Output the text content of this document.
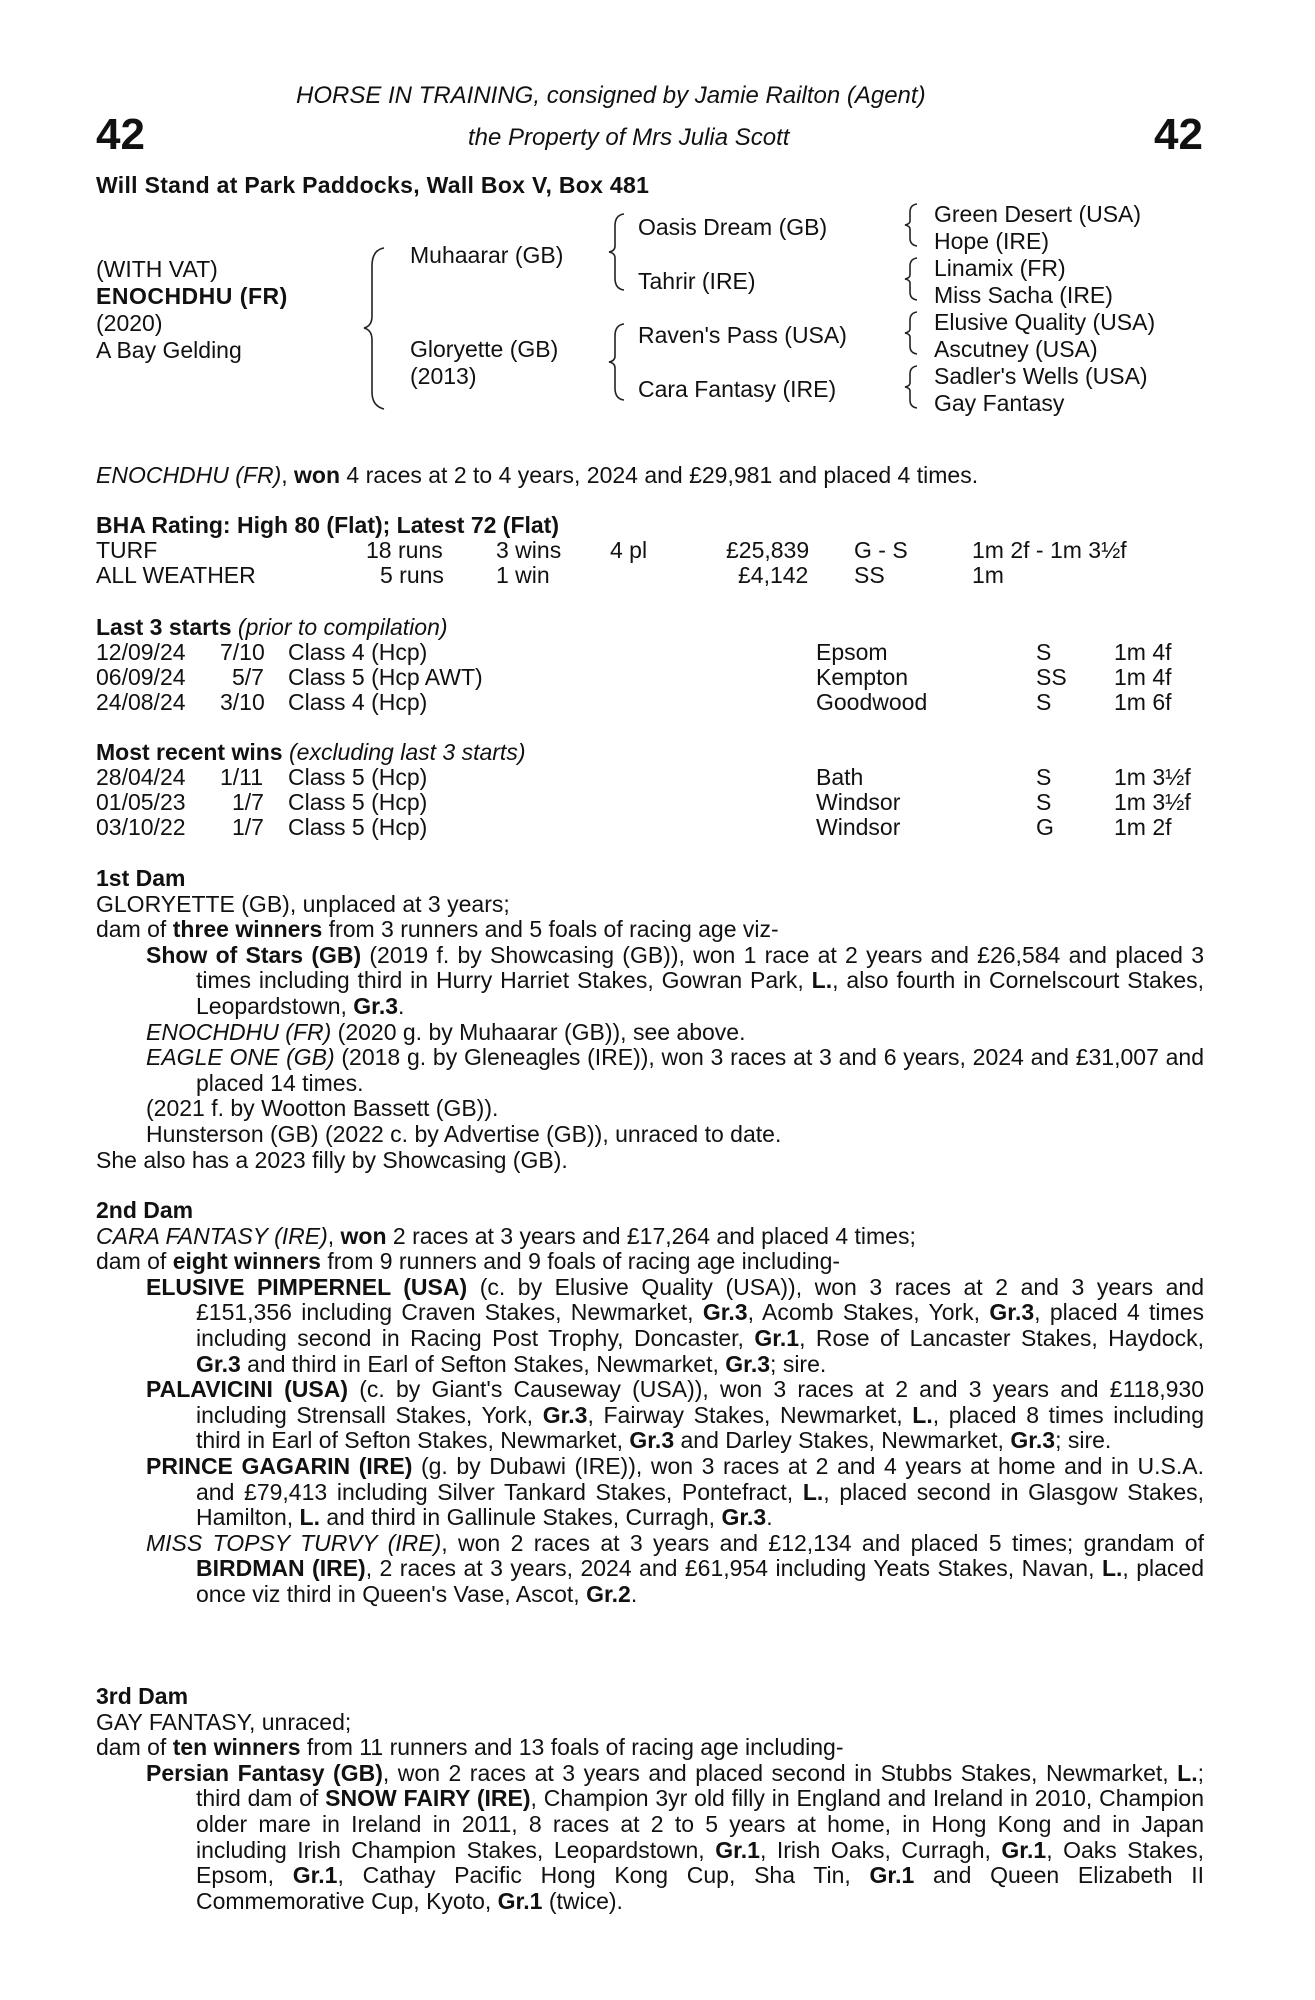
42	42
HORSE IN TRAINING, consigned by Jamie Railton (Agent)
the Property of Mrs Julia Scott
Will Stand at Park Paddocks, Wall Box V, Box 481
(WITH VAT)
ENOCHDHU (FR)
(2020)
A Bay Gelding
Muhaarar (GB)
Gloryette (GB)
(2013)
Oasis Dream (GB)
Tahrir (IRE)
Raven's Pass (USA)
Cara Fantasy (IRE)
Green Desert (USA)
Hope (IRE)
Linamix (FR)
Miss Sacha (IRE)
Elusive Quality (USA)
Ascutney (USA)
Sadler's Wells (USA)
Gay Fantasy
ENOCHDHU (FR), won 4 races at 2 to 4 years, 2024 and £29,981 and placed 4 times.
BHA Rating: High 80 (Flat); Latest 72 (Flat)
TURF	18 runs 3 wins 4 pl	£25,839 G - S	1m 2f - 1m 3½f
ALL WEATHER	5 runs 1 win	£4,142 SS	1m
Last 3 starts (prior to compilation)
12/09/24 7/10 Class 4 (Hcp)	Epsom	S	1m 4f
06/09/24 5/7 Class 5 (Hcp AWT)	Kempton	SS 1m 4f
24/08/24 3/10 Class 4 (Hcp)	Goodwood	S	1m 6f
Most recent wins (excluding last 3 starts)
28/04/24 1/11 Class 5 (Hcp)	Bath	S	1m 3½f
01/05/23 1/7 Class 5 (Hcp)	Windsor	S	1m 3½f
03/10/22 1/7 Class 5 (Hcp)	Windsor	G	1m 2f

1st Dam

GLORYETTE (GB), unplaced at 3 years;

dam of three winners from 3 runners and 5 foals of racing age viz-

Show of Stars (GB) (2019 f. by Showcasing (GB)), won 1 race at 2 years and £26,584 and placed 3 times including third in Hurry Harriet Stakes, Gowran Park, L., also fourth in Cornelscourt Stakes, Leopardstown, Gr.3.

ENOCHDHU (FR) (2020 g. by Muhaarar (GB)), see above.

EAGLE ONE (GB) (2018 g. by Gleneagles (IRE)), won 3 races at 3 and 6 years, 2024 and £31,007 and placed 14 times.

(2021 f. by Wootton Bassett (GB)).

Hunsterson (GB) (2022 c. by Advertise (GB)), unraced to date.

She also has a 2023 filly by Showcasing (GB).

2nd Dam

CARA FANTASY (IRE), won 2 races at 3 years and £17,264 and placed 4 times;

dam of eight winners from 9 runners and 9 foals of racing age including-

ELUSIVE PIMPERNEL (USA) (c. by Elusive Quality (USA)), won 3 races at 2 and 3 years and £151,356 including Craven Stakes, Newmarket, Gr.3, Acomb Stakes, York, Gr.3, placed 4 times including second in Racing Post Trophy, Doncaster, Gr.1, Rose of Lancaster Stakes, Haydock, Gr.3 and third in Earl of Sefton Stakes, Newmarket, Gr.3; sire.

PALAVICINI (USA) (c. by Giant's Causeway (USA)), won 3 races at 2 and 3 years and £118,930 including Strensall Stakes, York, Gr.3, Fairway Stakes, Newmarket, L., placed 8 times including third in Earl of Sefton Stakes, Newmarket, Gr.3 and Darley Stakes, Newmarket, Gr.3; sire.

PRINCE GAGARIN (IRE) (g. by Dubawi (IRE)), won 3 races at 2 and 4 years at home and in U.S.A. and £79,413 including Silver Tankard Stakes, Pontefract, L., placed second in Glasgow Stakes, Hamilton, L. and third in Gallinule Stakes, Curragh, Gr.3.

MISS TOPSY TURVY (IRE), won 2 races at 3 years and £12,134 and placed 5 times; grandam of BIRDMAN (IRE), 2 races at 3 years, 2024 and £61,954 including Yeats Stakes, Navan, L., placed once viz third in Queen's Vase, Ascot, Gr.2.

3rd Dam

GAY FANTASY, unraced;

dam of ten winners from 11 runners and 13 foals of racing age including-

Persian Fantasy (GB), won 2 races at 3 years and placed second in Stubbs Stakes, Newmarket, L.; third dam of SNOW FAIRY (IRE), Champion 3yr old filly in England and Ireland in 2010, Champion older mare in Ireland in 2011, 8 races at 2 to 5 years at home, in Hong Kong and in Japan including Irish Champion Stakes, Leopardstown, Gr.1, Irish Oaks, Curragh, Gr.1, Oaks Stakes, Epsom, Gr.1, Cathay Pacific Hong Kong Cup, Sha Tin, Gr.1 and Queen Elizabeth II Commemorative Cup, Kyoto, Gr.1 (twice).
